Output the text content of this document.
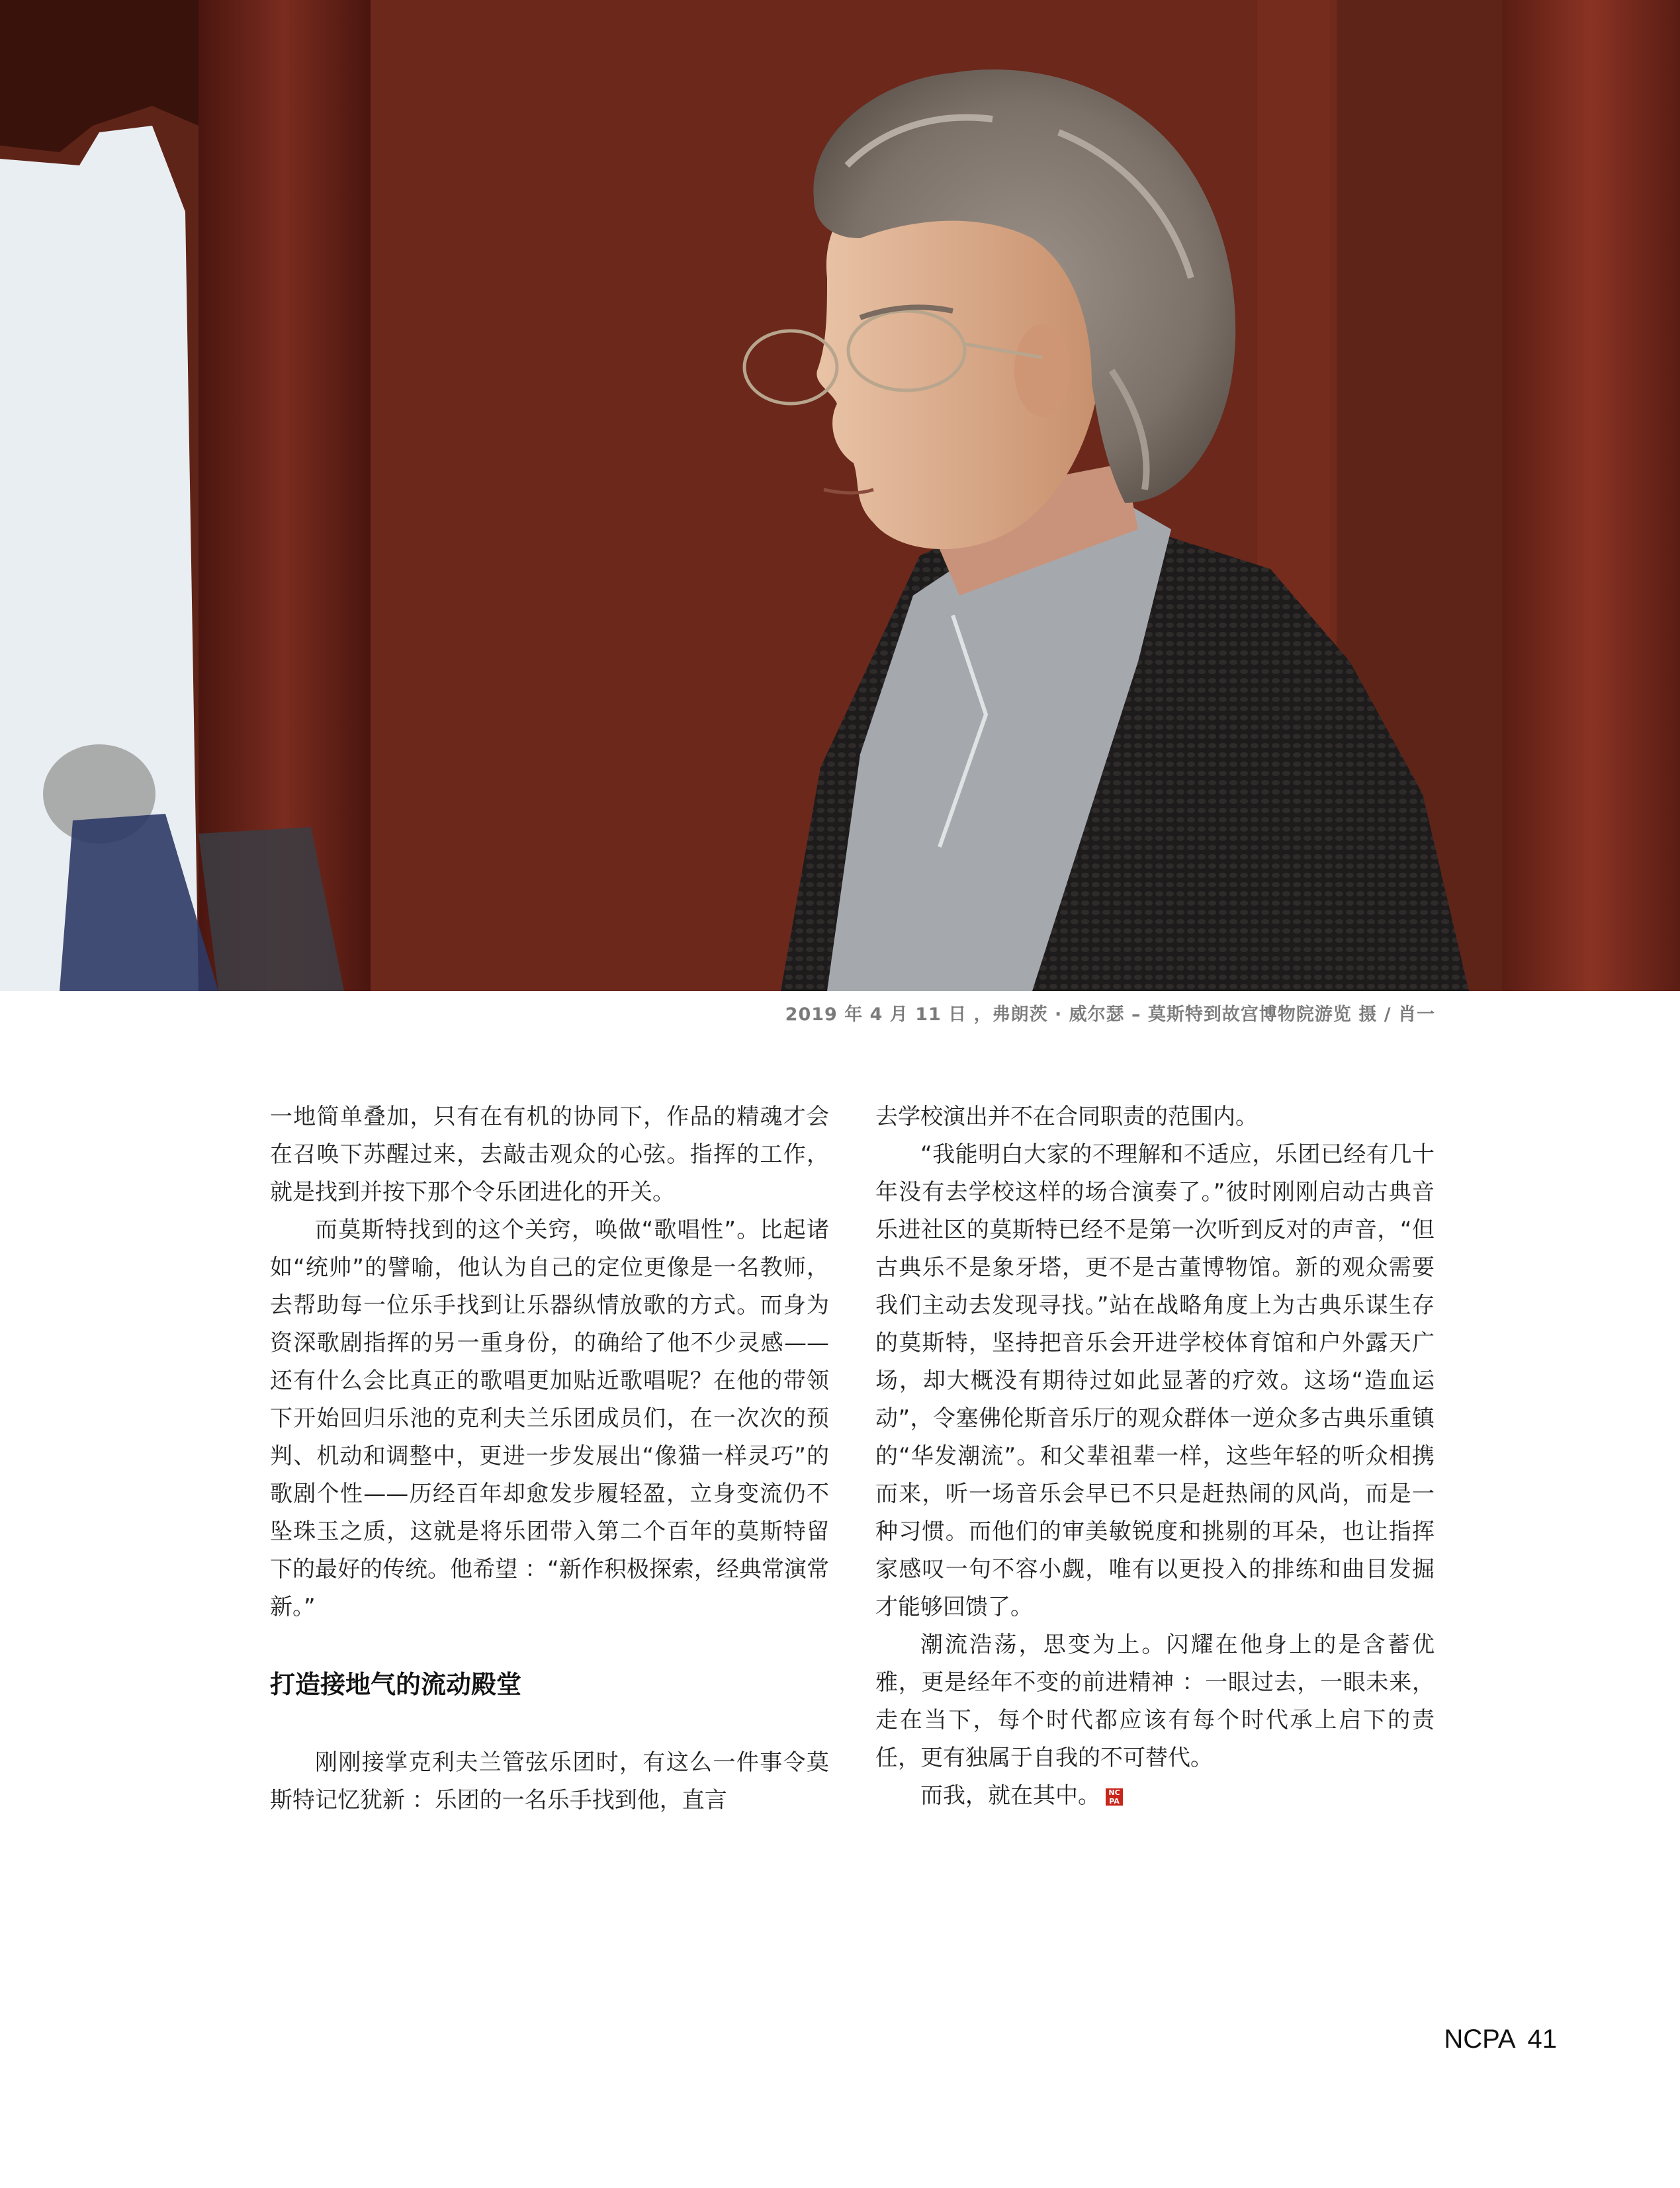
2019 年 4 月 11 日 ，弗朗茨 · 威尔瑟 – 莫斯特到故宫博物院游览 摄 / 肖一

一地简单叠加，只有在有机的协同下，作品的精魂才会在召唤下苏醒过来，去敲击观众的心弦。指挥的工作，就是找到并按下那个令乐团进化的开关。

而莫斯特找到的这个关窍，唤做“歌唱性”。比起诸如“统帅”的譬喻，他认为自己的定位更像是一名教师，去帮助每一位乐手找到让乐器纵情放歌的方式。而身为资深歌剧指挥的另一重身份，的确给了他不少灵感——还有什么会比真正的歌唱更加贴近歌唱呢？在他的带领下开始回归乐池的克利夫兰乐团成员们，在一次次的预判、机动和调整中，更进一步发展出“像猫一样灵巧”的歌剧个性——历经百年却愈发步履轻盈，立身变流仍不坠珠玉之质，这就是将乐团带入第二个百年的莫斯特留下的最好的传统。他希望 ：“新作积极探索，经典常演常新。”

打造接地气的流动殿堂

刚刚接掌克利夫兰管弦乐团时，有这么一件事令莫斯特记忆犹新 ：乐团的一名乐手找到他，直言

去学校演出并不在合同职责的范围内。

“我能明白大家的不理解和不适应，乐团已经有几十年没有去学校这样的场合演奏了。”彼时刚刚启动古典音乐进社区的莫斯特已经不是第一次听到反对的声音，“但古典乐不是象牙塔，更不是古董博物馆。新的观众需要我们主动去发现寻找。”站在战略角度上为古典乐谋生存的莫斯特，坚持把音乐会开进学校体育馆和户外露天广场，却大概没有期待过如此显著的疗效。这场“造血运动”，令塞佛伦斯音乐厅的观众群体一逆众多古典乐重镇的“华发潮流”。和父辈祖辈一样，这些年轻的听众相携而来，听一场音乐会早已不只是赶热闹的风尚，而是一种习惯。而他们的审美敏锐度和挑剔的耳朵，也让指挥家感叹一句不容小觑，唯有以更投入的排练和曲目发掘才能够回馈了。

潮流浩荡，思变为上。闪耀在他身上的是含蓄优雅，更是经年不变的前进精神 ：一眼过去，一眼未来，走在当下，每个时代都应该有每个时代承上启下的责任，更有独属于自我的不可替代。

而我，就在其中。 NC PA

NCPA 41
